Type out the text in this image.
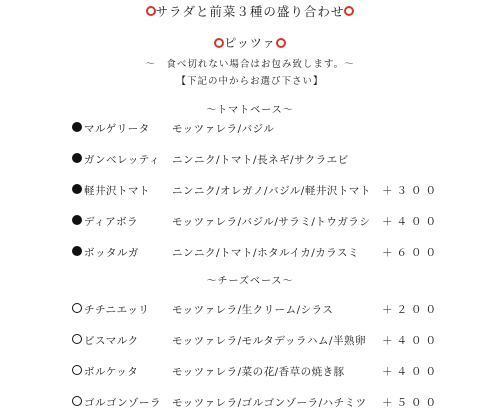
サラダと前菜３種の盛り合わせ
ピッツァ
〜　食べ切れない場合はお包み致します。〜
【下記の中からお選び下さい】
〜トマトベース〜
マルゲリータ モッツァレラ/バジル
ガンベレッティ ニンニク/トマト/長ネギ/サクラエビ
軽井沢トマト ニンニク/オレガノ/バジル/軽井沢トマト ＋３００
ディアボラ	モッツァレラ/バジル/サラミ/トウガラシ ＋４００
ボッタルガ	ニンニク/トマト/ホタルイカ/カラスミ ＋６００
〜チーズベース〜
チチニエッリ モッツァレラ/生クリーム/シラス	＋２００
ビスマルク	モッツァレラ/モルタデッラハム/半熟卵 ＋４００
ボルケッタ	モッツァレラ/菜の花/香草の焼き豚	＋４００
ゴルゴンゾーラ モッツァレラ/ゴルゴンゾーラ/ハチミツ ＋５００
